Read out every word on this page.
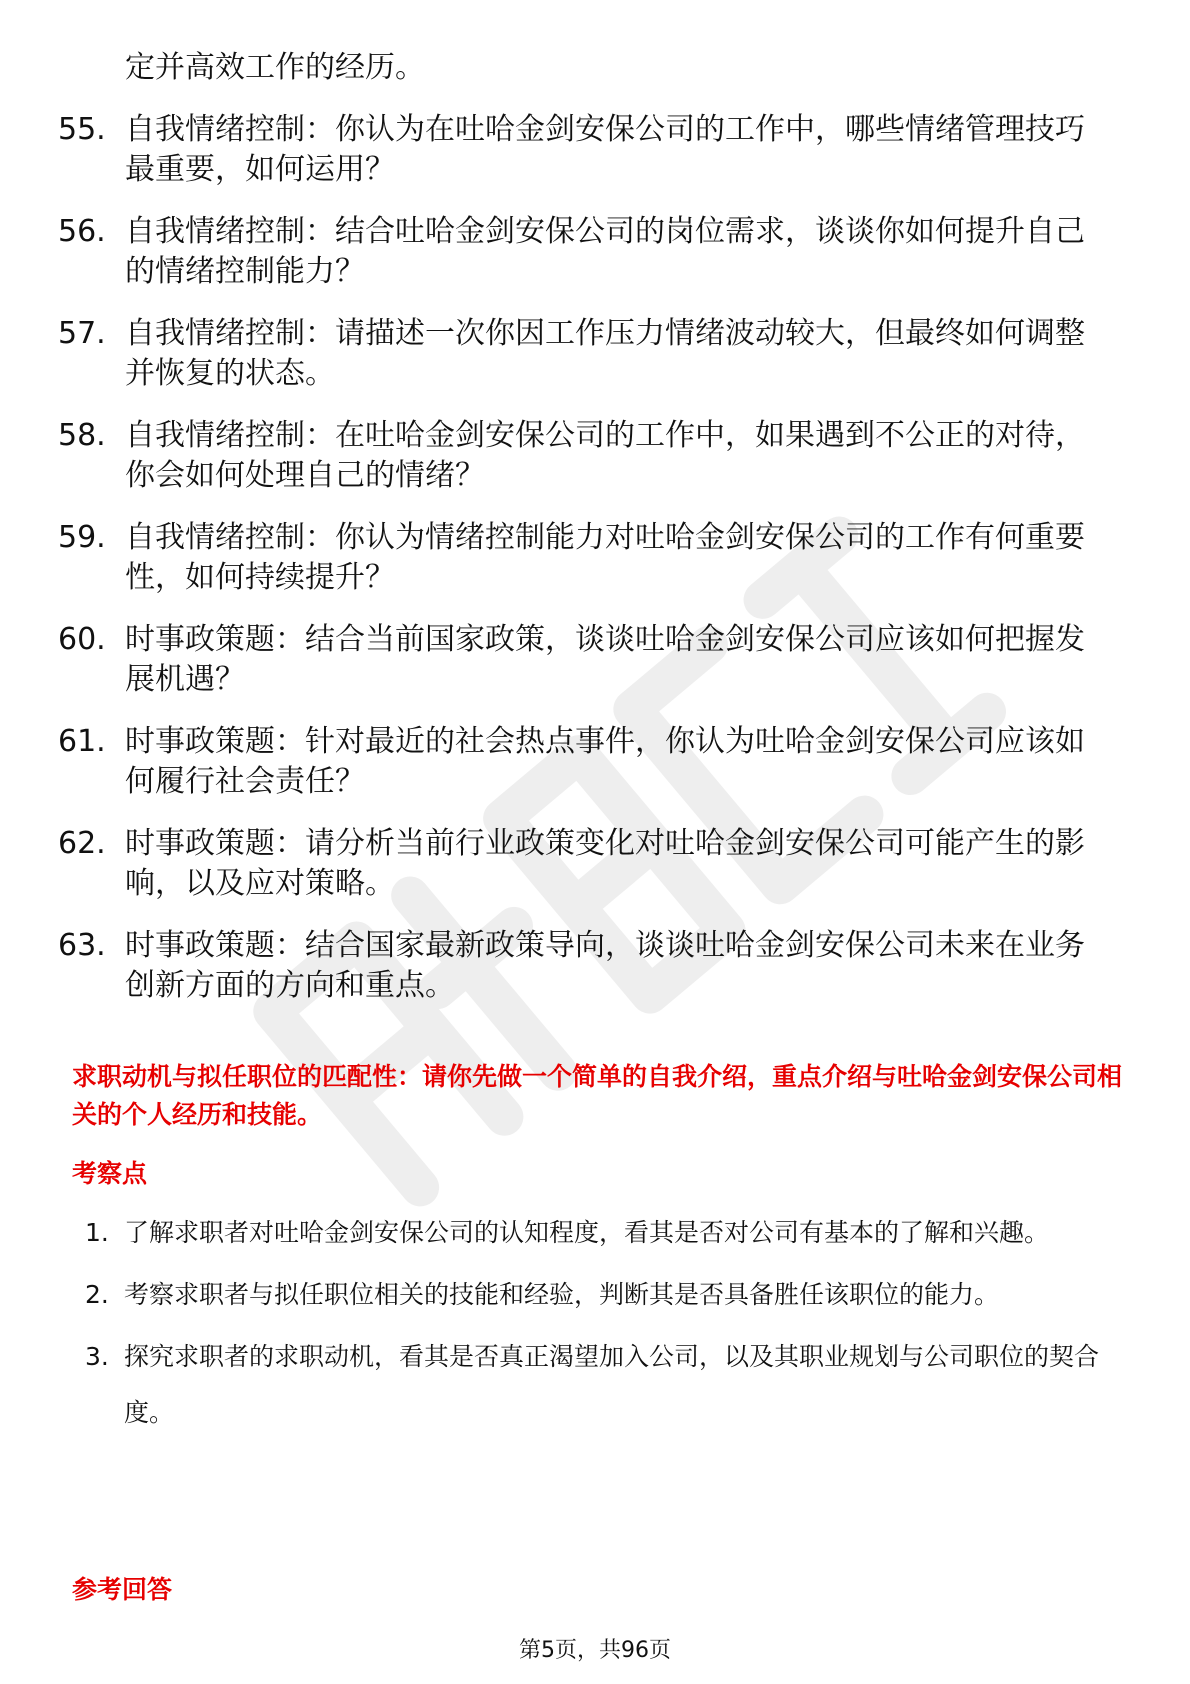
定并高效工作的经历。

55. 自我情绪控制：你认为在吐哈金剑安保公司的工作中，哪些情绪管理技巧最重要，如何运用？
56. 自我情绪控制：结合吐哈金剑安保公司的岗位需求，谈谈你如何提升自己的情绪控制能力？
57. 自我情绪控制：请描述一次你因工作压力情绪波动较大，但最终如何调整并恢复的状态。
58. 自我情绪控制：在吐哈金剑安保公司的工作中，如果遇到不公正的对待，你会如何处理自己的情绪？
59. 自我情绪控制：你认为情绪控制能力对吐哈金剑安保公司的工作有何重要性，如何持续提升？
60. 时事政策题：结合当前国家政策，谈谈吐哈金剑安保公司应该如何把握发展机遇？
61. 时事政策题：针对最近的社会热点事件，你认为吐哈金剑安保公司应该如何履行社会责任？
62. 时事政策题：请分析当前行业政策变化对吐哈金剑安保公司可能产生的影响，以及应对策略。
63. 时事政策题：结合国家最新政策导向，谈谈吐哈金剑安保公司未来在业务创新方面的方向和重点。

求职动机与拟任职位的匹配性：请你先做一个简单的自我介绍，重点介绍与吐哈金剑安保公司相关的个人经历和技能。

考察点

1. 了解求职者对吐哈金剑安保公司的认知程度，看其是否对公司有基本的了解和兴趣。
2. 考察求职者与拟任职位相关的技能和经验，判断其是否具备胜任该职位的能力。
3. 探究求职者的求职动机，看其是否真正渴望加入公司，以及其职业规划与公司职位的契合度。

参考回答

第5页，共96页
